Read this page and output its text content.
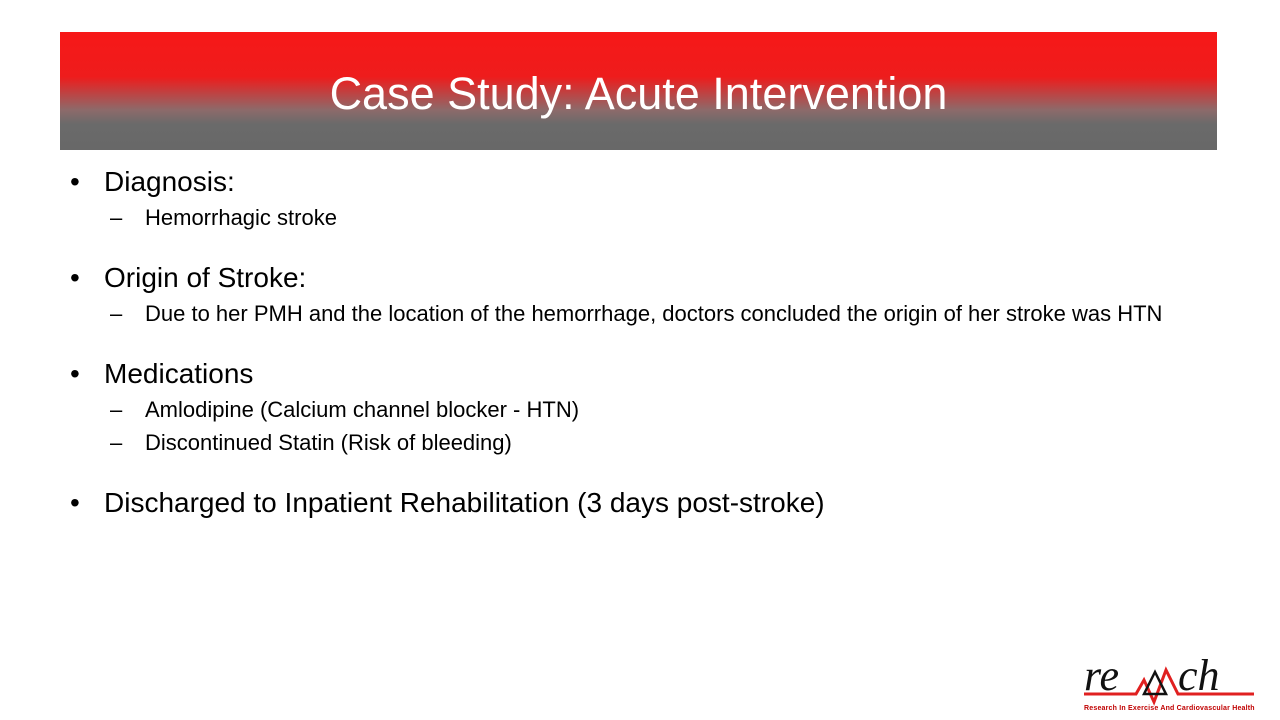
Case Study: Acute Intervention
• Diagnosis:
–	Hemorrhagic stroke
• Origin of Stroke:
–	Due to her PMH and the location of the hemorrhage, doctors concluded the origin of her stroke was HTN
• Medications
–	Amlodipine (Calcium channel blocker - HTN)
–	Discontinued Statin (Risk of bleeding)
• Discharged to Inpatient Rehabilitation (3 days post-stroke)
re ch
Research In Exercise And Cardiovascular Health
